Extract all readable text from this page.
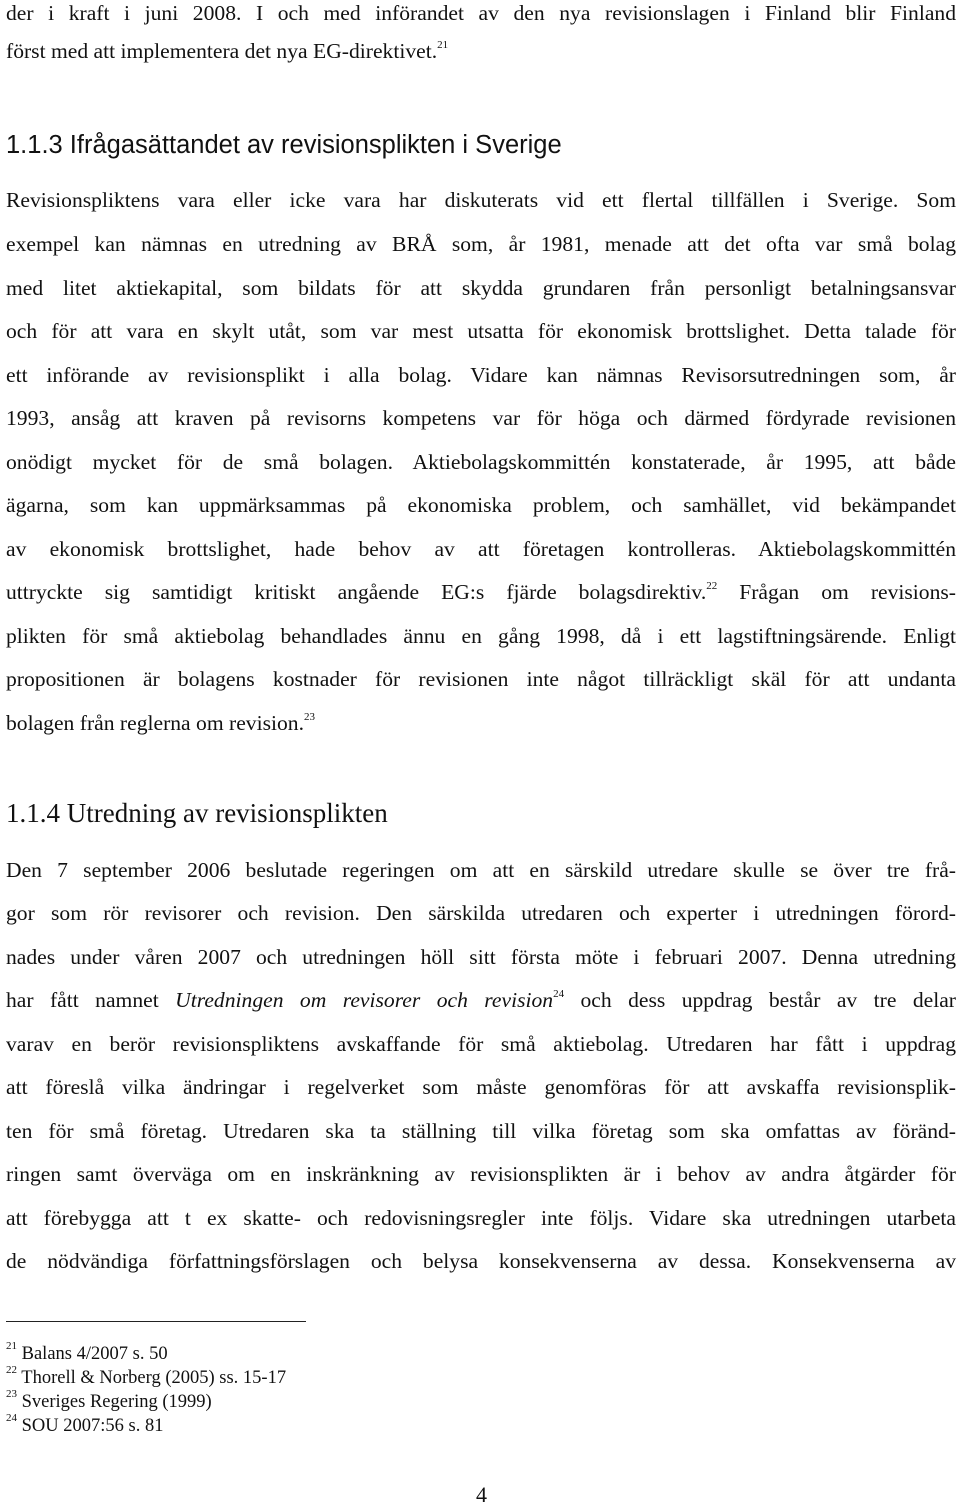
der i kraft i juni 2008. I och med införandet av den nya revisionslagen i Finland blir Finland
först med att implementera det nya EG-direktivet.$^{21}$
1.1.3 Ifrågasättandet av revisionsplikten i Sverige
Revisionspliktens vara eller icke vara har diskuterats vid ett flertal tillfällen i Sverige. Som
exempel kan nämnas en utredning av BRÅ som, år 1981, menade att det ofta var små bolag
med litet aktiekapital, som bildats för att skydda grundaren från personligt betalningsansvar
och för att vara en skylt utåt, som var mest utsatta för ekonomisk brottslighet. Detta talade för
ett införande av revisionsplikt i alla bolag. Vidare kan nämnas Revisorsutredningen som, år
1993, ansåg att kraven på revisorns kompetens var för höga och därmed fördyrade revisionen
onödigt mycket för de små bolagen. Aktiebolagskommittén konstaterade, år 1995, att både
ägarna, som kan uppmärksammas på ekonomiska problem, och samhället, vid bekämpandet
av ekonomisk brottslighet, hade behov av att företagen kontrolleras. Aktiebolagskommittén
uttryckte sig samtidigt kritiskt angående EG:s fjärde bolagsdirektiv.$^{22}$ Frågan om revisions-
plikten för små aktiebolag behandlades ännu en gång 1998, då i ett lagstiftningsärende. Enligt
propositionen är bolagens kostnader för revisionen inte något tillräckligt skäl för att undanta
bolagen från reglerna om revision.$^{23}$
1.1.4 Utredning av revisionsplikten
Den 7 september 2006 beslutade regeringen om att en särskild utredare skulle se över tre frå-
gor som rör revisorer och revision. Den särskilda utredaren och experter i utredningen förord-
nades under våren 2007 och utredningen höll sitt första möte i februari 2007. Denna utredning
har fått namnet Utredningen om revisorer och revision$^{24}$ och dess uppdrag består av tre delar
varav en berör revisionspliktens avskaffande för små aktiebolag. Utredaren har fått i uppdrag
att föreslå vilka ändringar i regelverket som måste genomföras för att avskaffa revisionsplik-
ten för små företag. Utredaren ska ta ställning till vilka företag som ska omfattas av föränd-
ringen samt överväga om en inskränkning av revisionsplikten är i behov av andra åtgärder för
att förebygga att t ex skatte- och redovisningsregler inte följs. Vidare ska utredningen utarbeta
de nödvändiga författningsförslagen och belysa konsekvenserna av dessa. Konsekvenserna av
$^{21}$ Balans 4/2007 s. 50
$^{22}$ Thorell & Norberg (2005) ss. 15-17
$^{23}$ Sveriges Regering (1999)
$^{24}$ SOU 2007:56 s. 81
4
